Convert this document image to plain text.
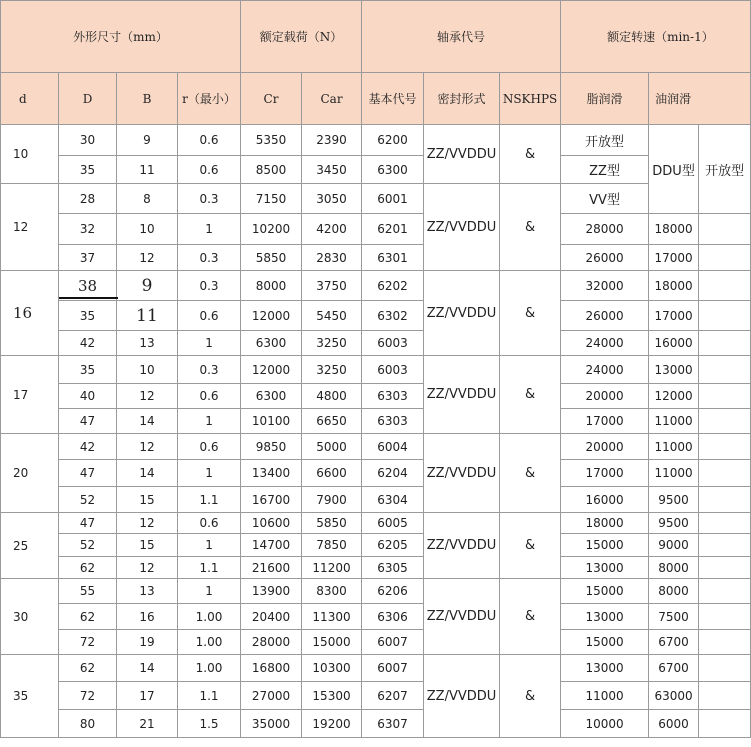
外形尺寸（mm）				额定载荷（N）		轴承代号			额定转速（min-1）		
d	D	B	r（最小）	Cr	Car	基本代号	密封形式	NSKHPS	脂润滑	油润滑	
10	30	9	0.6	5350	2390	6200	ZZ/VVDDU	&	开放型	DDU型	开放型
	35	11	0.6	8500	3450	6300			ZZ型		
12	28	8	0.3	7150	3050	6001	ZZ/VVDDU	&	VV型		
	32	10	1	10200	4200	6201			28000	18000	
	37	12	0.3	5850	2830	6301			26000	17000	
16	38	9	0.3	8000	3750	6202	ZZ/VVDDU	&	32000	18000	
	35	11	0.6	12000	5450	6302			26000	17000	
	42	13	1	6300	3250	6003			24000	16000	
17	35	10	0.3	12000	3250	6003	ZZ/VVDDU	&	24000	13000	
	40	12	0.6	6300	4800	6303			20000	12000	
	47	14	1	10100	6650	6303			17000	11000	
20	42	12	0.6	9850	5000	6004	ZZ/VVDDU	&	20000	11000	
	47	14	1	13400	6600	6204			17000	11000	
	52	15	1.1	16700	7900	6304			16000	9500	
25	47	12	0.6	10600	5850	6005	ZZ/VVDDU	&	18000	9500	
	52	15	1	14700	7850	6205			15000	9000	
	62	12	1.1	21600	11200	6305			13000	8000	
30	55	13	1	13900	8300	6206	ZZ/VVDDU	&	15000	8000	
	62	16	1.00	20400	11300	6306			13000	7500	
	72	19	1.00	28000	15000	6007			15000	6700	
35	62	14	1.00	16800	10300	6007	ZZ/VVDDU	&	13000	6700	
	72	17	1.1	27000	15300	6207			11000	63000	
	80	21	1.5	35000	19200	6307			10000	6000	
